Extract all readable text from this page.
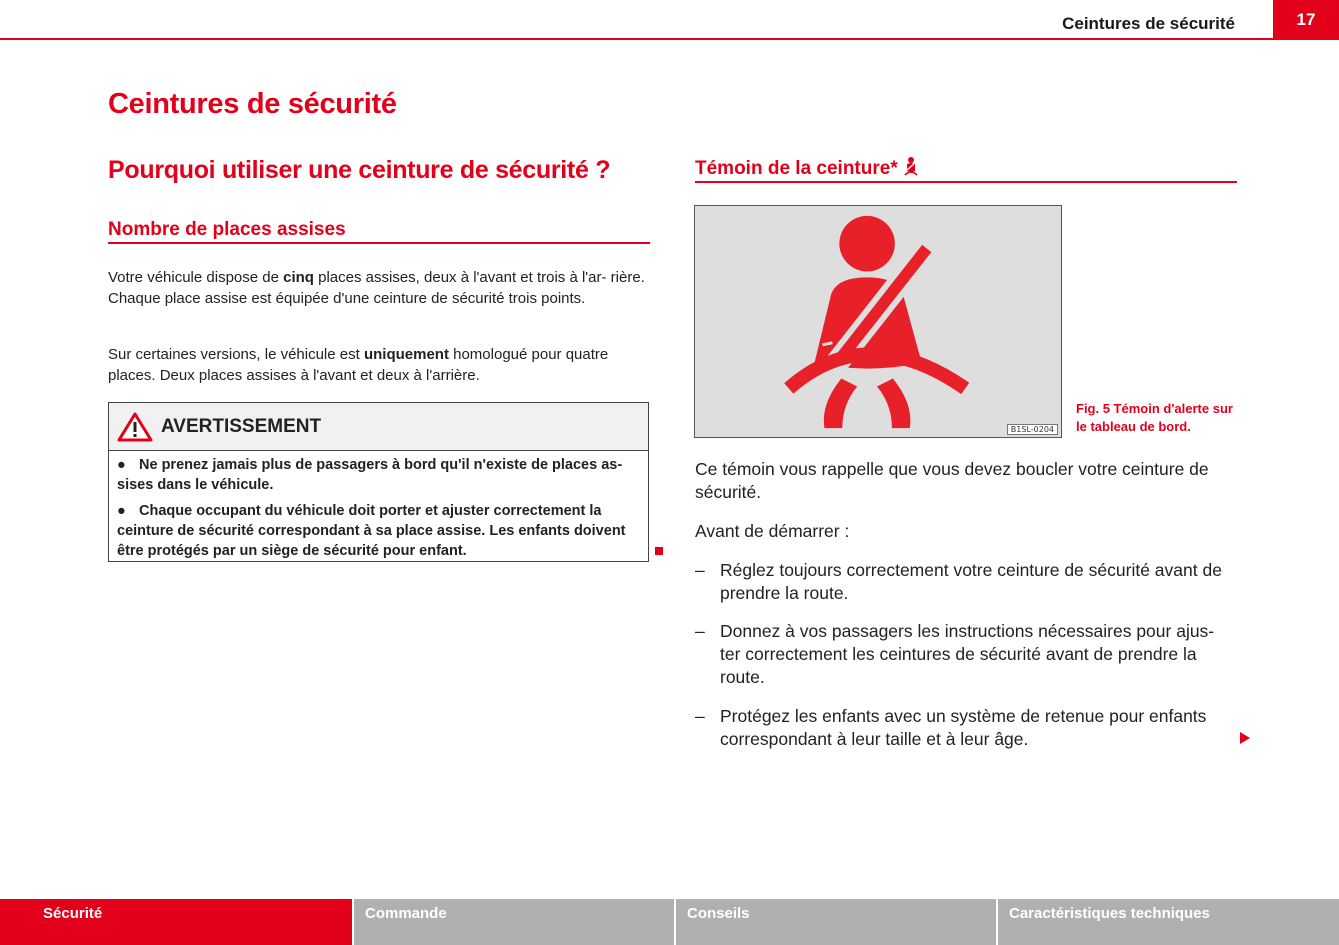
Ceintures de sécurité	17
Ceintures de sécurité
Pourquoi utiliser une ceinture de sécurité ?
Nombre de places assises

Votre véhicule dispose de cinq places assises, deux à l'avant et trois à l'ar- rière. Chaque place assise est équipée d'une ceinture de sécurité trois points.

Sur certaines versions, le véhicule est uniquement homologué pour quatre places. Deux places assises à l'avant et deux à l'arrière.

AVERTISSEMENT

● Ne prenez jamais plus de passagers à bord qu'il n'existe de places as- sises dans le véhicule.

● Chaque occupant du véhicule doit porter et ajuster correctement la ceinture de sécurité correspondant à sa place assise. Les enfants doivent être protégés par un siège de sécurité pour enfant.

Témoin de la ceinture*
B1SL-0204
Fig. 5 Témoin d'alerte sur le tableau de bord.

Ce témoin vous rappelle que vous devez boucler votre ceinture de sécurité.

Avant de démarrer :

– Réglez toujours correctement votre ceinture de sécurité avant de prendre la route.
– Donnez à vos passagers les instructions nécessaires pour ajus- ter correctement les ceintures de sécurité avant de prendre la route.
– Protégez les enfants avec un système de retenue pour enfants correspondant à leur taille et à leur âge.
Sécurité	Commande	Conseils	Caractéristiques techniques
